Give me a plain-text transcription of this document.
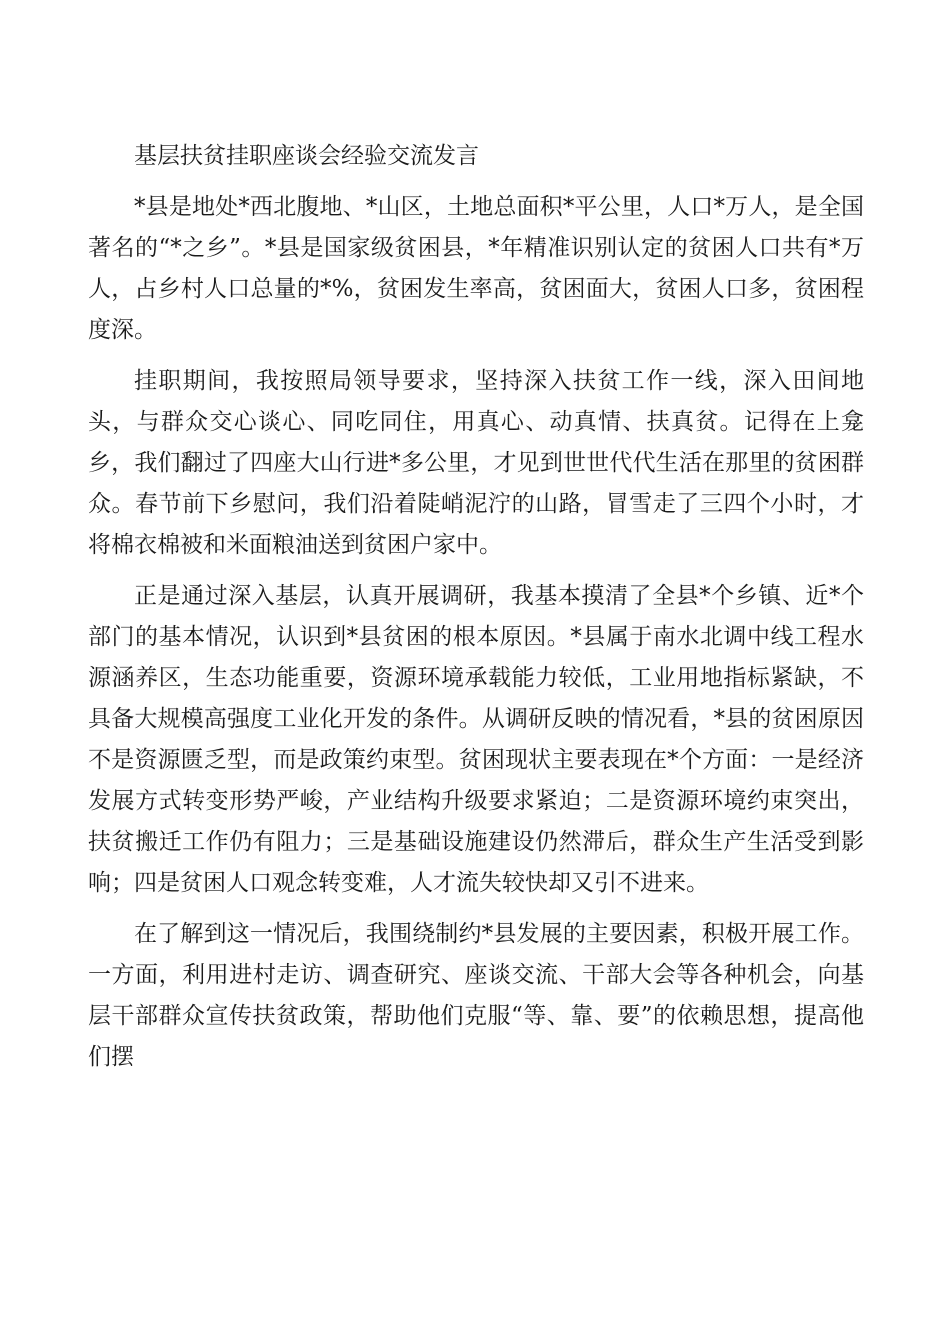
基层扶贫挂职座谈会经验交流发言

*县是地处*西北腹地、*山区，土地总面积*平公里，人口*万人，是全国著名的“*之乡”。*县是国家级贫困县，*年精准识别认定的贫困人口共有*万人，占乡村人口总量的*%，贫困发生率高，贫困面大，贫困人口多，贫困程度深。

挂职期间，我按照局领导要求，坚持深入扶贫工作一线，深入田间地头，与群众交心谈心、同吃同住，用真心、动真情、扶真贫。记得在上龛乡，我们翻过了四座大山行进*多公里，才见到世世代代生活在那里的贫困群众。春节前下乡慰问，我们沿着陡峭泥泞的山路，冒雪走了三四个小时，才将棉衣棉被和米面粮油送到贫困户家中。

正是通过深入基层，认真开展调研，我基本摸清了全县*个乡镇、近*个部门的基本情况，认识到*县贫困的根本原因。*县属于南水北调中线工程水源涵养区，生态功能重要，资源环境承载能力较低，工业用地指标紧缺，不具备大规模高强度工业化开发的条件。从调研反映的情况看，*县的贫困原因不是资源匮乏型，而是政策约束型。贫困现状主要表现在*个方面：一是经济发展方式转变形势严峻，产业结构升级要求紧迫；二是资源环境约束突出，扶贫搬迁工作仍有阻力；三是基础设施建设仍然滞后，群众生产生活受到影响；四是贫困人口观念转变难，人才流失较快却又引不进来。

在了解到这一情况后，我围绕制约*县发展的主要因素，积极开展工作。一方面，利用进村走访、调查研究、座谈交流、干部大会等各种机会，向基层干部群众宣传扶贫政策，帮助他们克服“等、靠、要”的依赖思想，提高他们摆
